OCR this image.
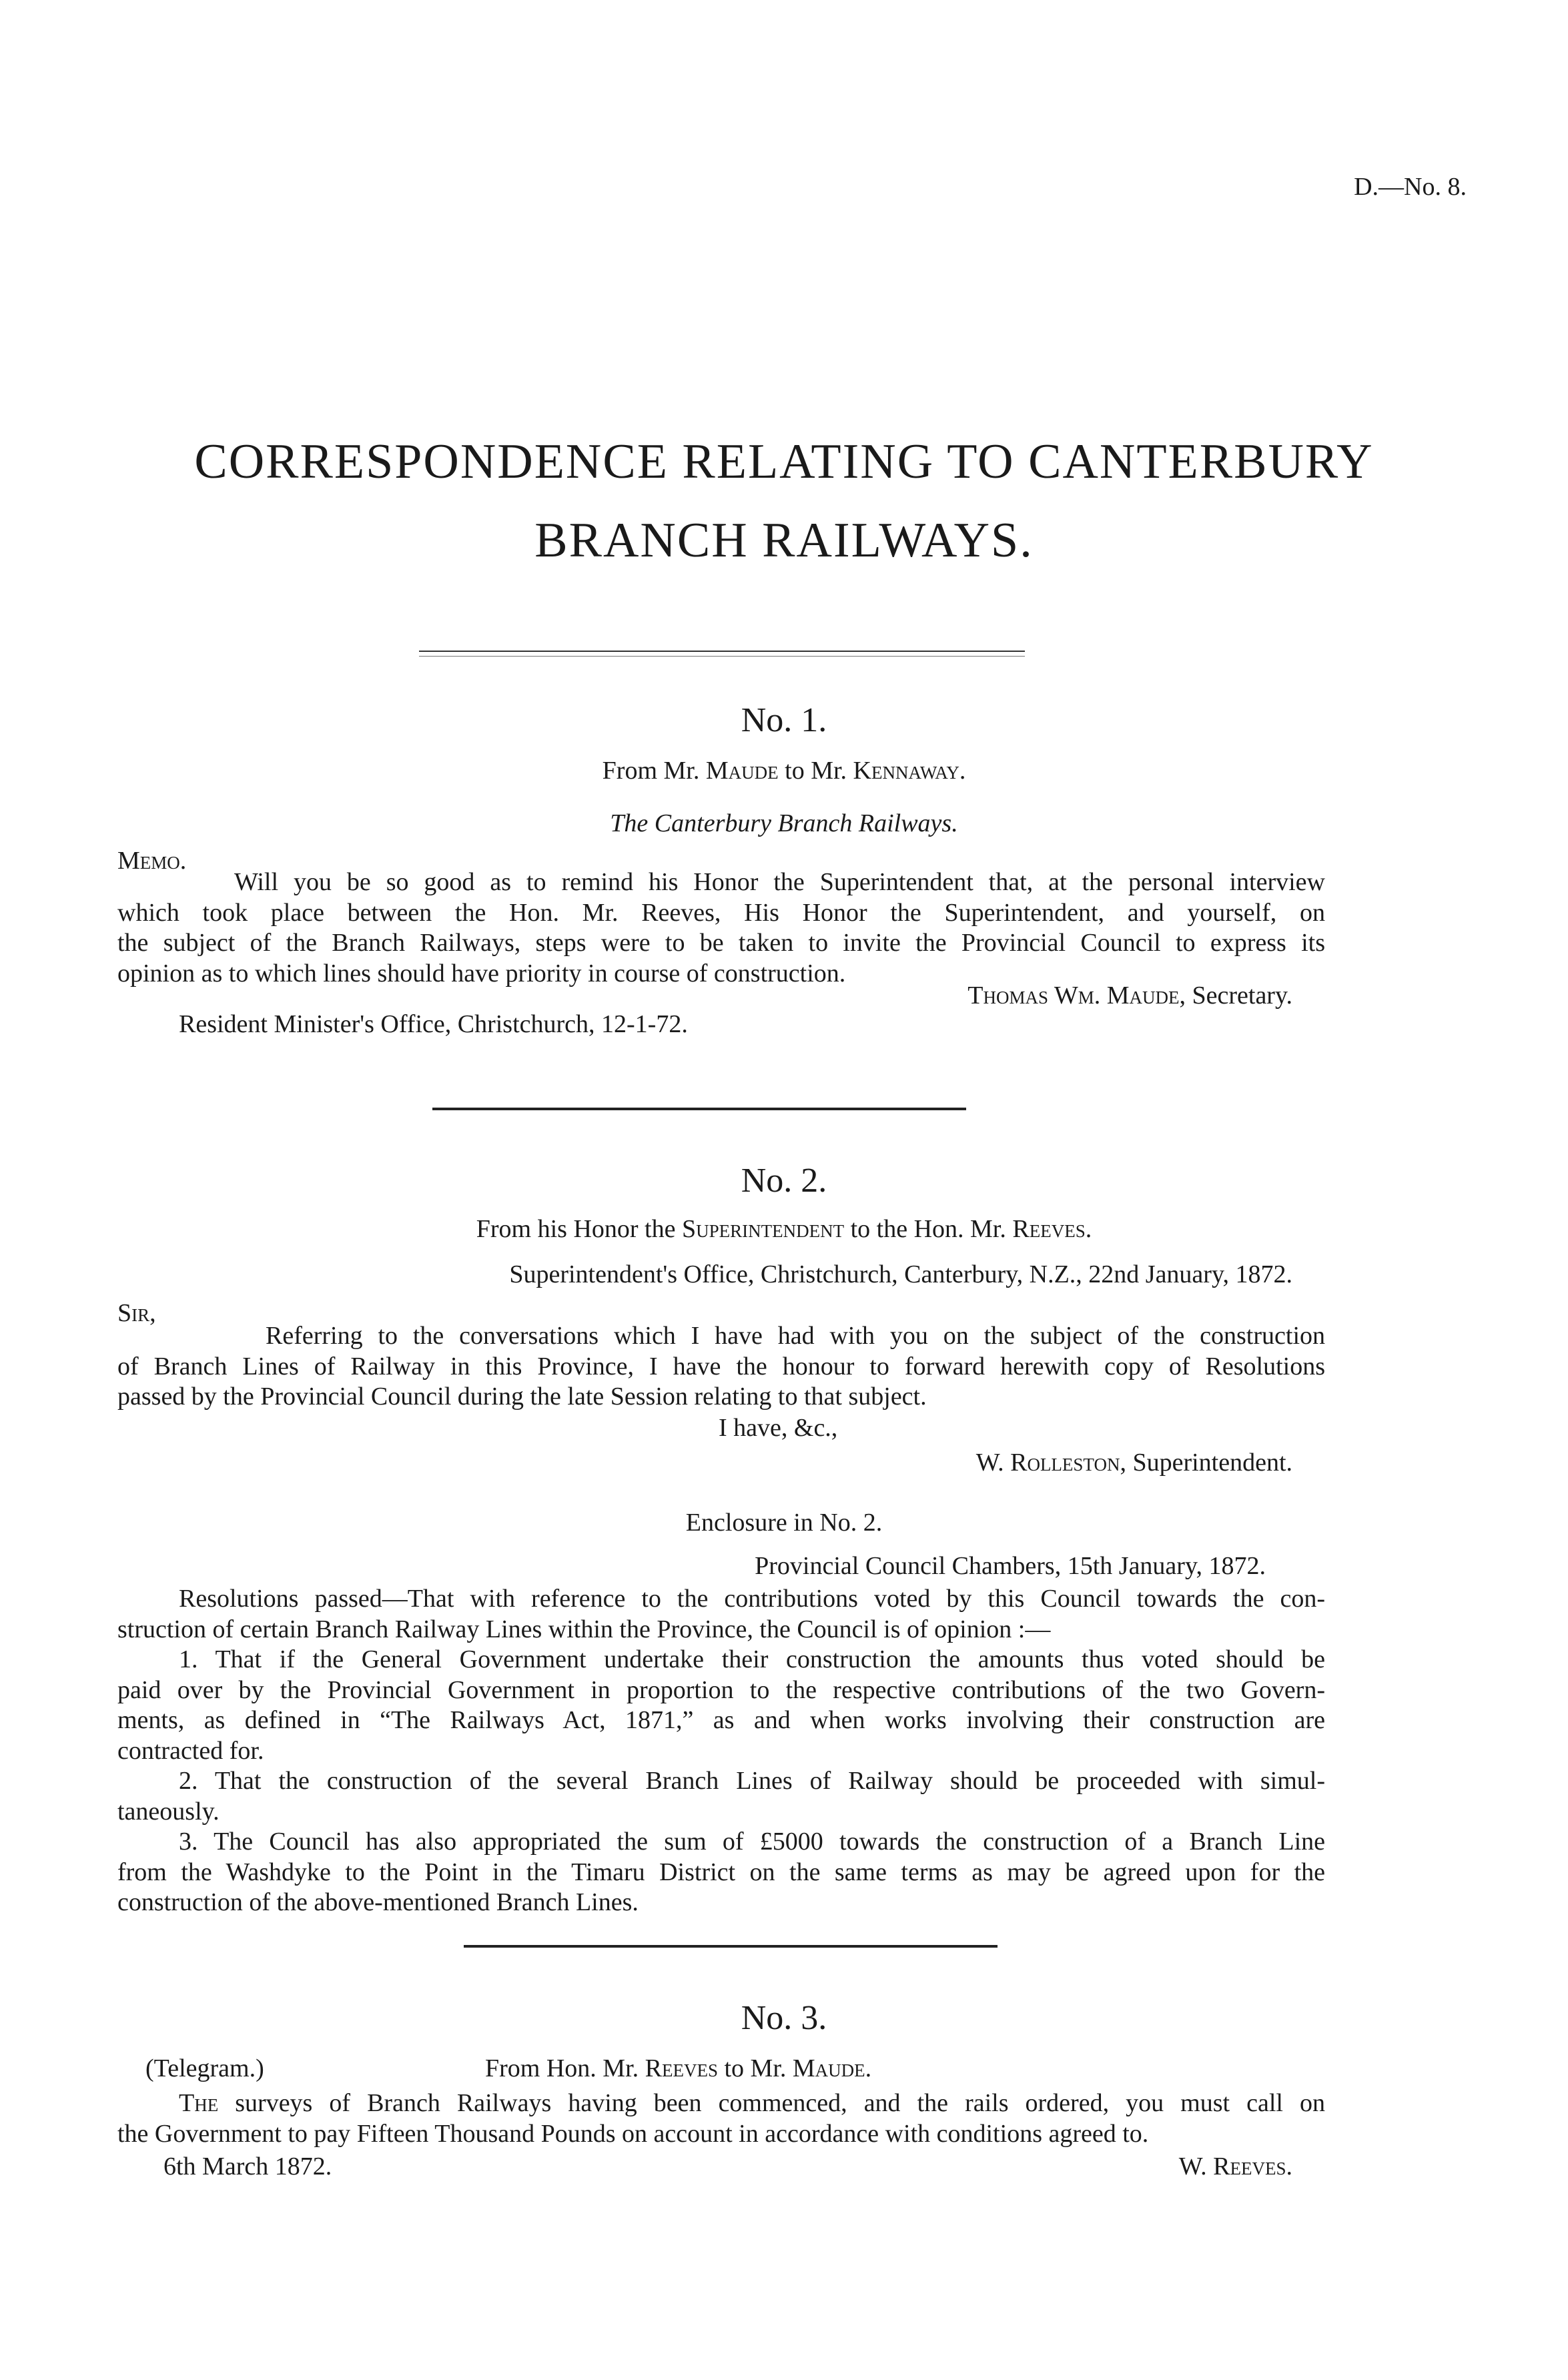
D.—No. 8.
CORRESPONDENCE RELATING TO CANTERBURY
BRANCH RAILWAYS.
No. 1.
From Mr. Maude to Mr. Kennaway.
The Canterbury Branch Railways.
Memo.
Will you be so good as to remind his Honor the Superintendent that, at the personal interview
which took place between the Hon. Mr. Reeves, His Honor the Superintendent, and yourself, on
the subject of the Branch Railways, steps were to be taken to invite the Provincial Council to express its
opinion as to which lines should have priority in course of construction.
Thomas Wm. Maude, Secretary.
Resident Minister's Office, Christchurch, 12-1-72.
No. 2.
From his Honor the Superintendent to the Hon. Mr. Reeves.
Superintendent's Office, Christchurch, Canterbury, N.Z., 22nd January, 1872.
Sir,
Referring to the conversations which I have had with you on the subject of the construction
of Branch Lines of Railway in this Province, I have the honour to forward herewith copy of Resolutions
passed by the Provincial Council during the late Session relating to that subject.
I have, &c.,
W. Rolleston, Superintendent.
Enclosure in No. 2.
Provincial Council Chambers, 15th January, 1872.
Resolutions passed—That with reference to the contributions voted by this Council towards the con-
struction of certain Branch Railway Lines within the Province, the Council is of opinion :—
1. That if the General Government undertake their construction the amounts thus voted should be
paid over by the Provincial Government in proportion to the respective contributions of the two Govern-
ments, as defined in “The Railways Act, 1871,” as and when works involving their construction are
contracted for.
2. That the construction of the several Branch Lines of Railway should be proceeded with simul-
taneously.
3. The Council has also appropriated the sum of £5000 towards the construction of a Branch Line
from the Washdyke to the Point in the Timaru District on the same terms as may be agreed upon for the
construction of the above-mentioned Branch Lines.
No. 3.
(Telegram.)	From Hon. Mr. Reeves to Mr. Maude.
The surveys of Branch Railways having been commenced, and the rails ordered, you must call on
the Government to pay Fifteen Thousand Pounds on account in accordance with conditions agreed to.
6th March 1872.	W. Reeves.
